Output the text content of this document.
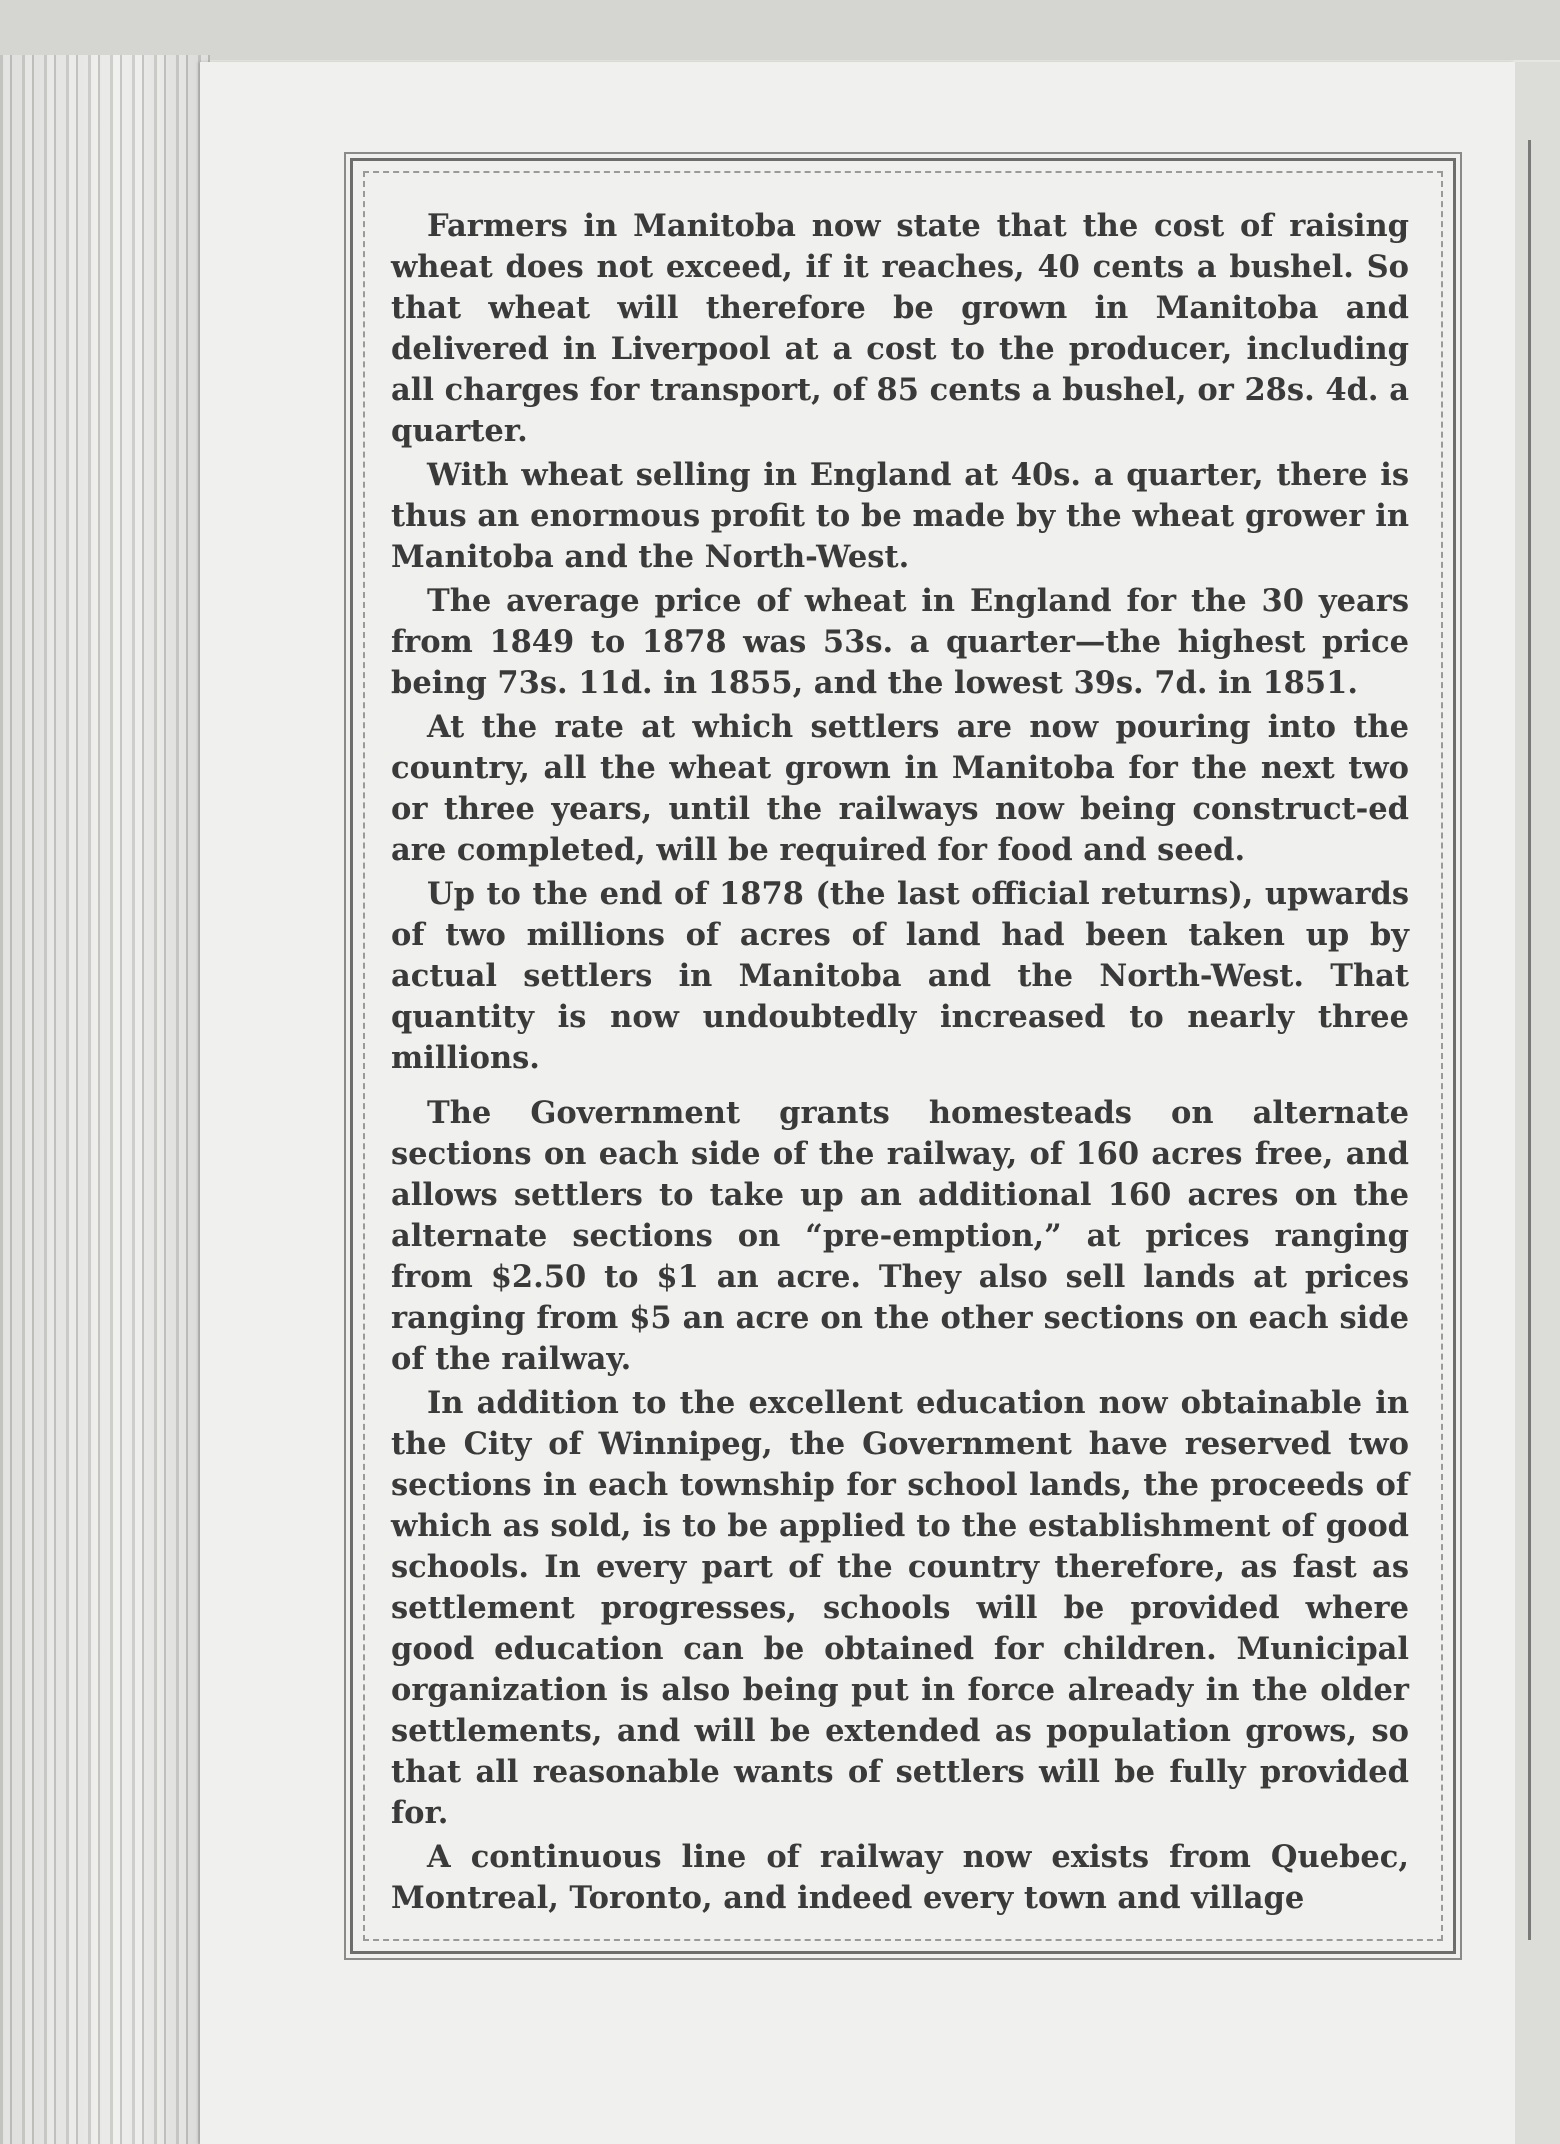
Farmers in Manitoba now state that the cost of raising wheat does not exceed, if it reaches, 40 cents a bushel. So that wheat will therefore be grown in Manitoba and delivered in Liverpool at a cost to the producer, including all charges for transport, of 85 cents a bushel, or 28s. 4d. a quarter.

With wheat selling in England at 40s. a quarter, there is thus an enormous profit to be made by the wheat grower in Manitoba and the North-West.

The average price of wheat in England for the 30 years from 1849 to 1878 was 53s. a quarter—the highest price being 73s. 11d. in 1855, and the lowest 39s. 7d. in 1851.

At the rate at which settlers are now pouring into the country, all the wheat grown in Manitoba for the next two or three years, until the railways now being construct-ed are completed, will be required for food and seed.

Up to the end of 1878 (the last official returns), upwards of two millions of acres of land had been taken up by actual settlers in Manitoba and the North-West. That quantity is now undoubtedly increased to nearly three millions.

The Government grants homesteads on alternate sections on each side of the railway, of 160 acres free, and allows settlers to take up an additional 160 acres on the alternate sections on “pre-emption,” at prices ranging from $2.50 to $1 an acre. They also sell lands at prices ranging from $5 an acre on the other sections on each side of the railway.

In addition to the excellent education now obtainable in the City of Winnipeg, the Government have reserved two sections in each township for school lands, the proceeds of which as sold, is to be applied to the establishment of good schools. In every part of the country therefore, as fast as settlement progresses, schools will be provided where good education can be obtained for children. Municipal organization is also being put in force already in the older settlements, and will be extended as population grows, so that all reasonable wants of settlers will be fully provided for.

A continuous line of railway now exists from Quebec, Montreal, Toronto, and indeed every town and village
